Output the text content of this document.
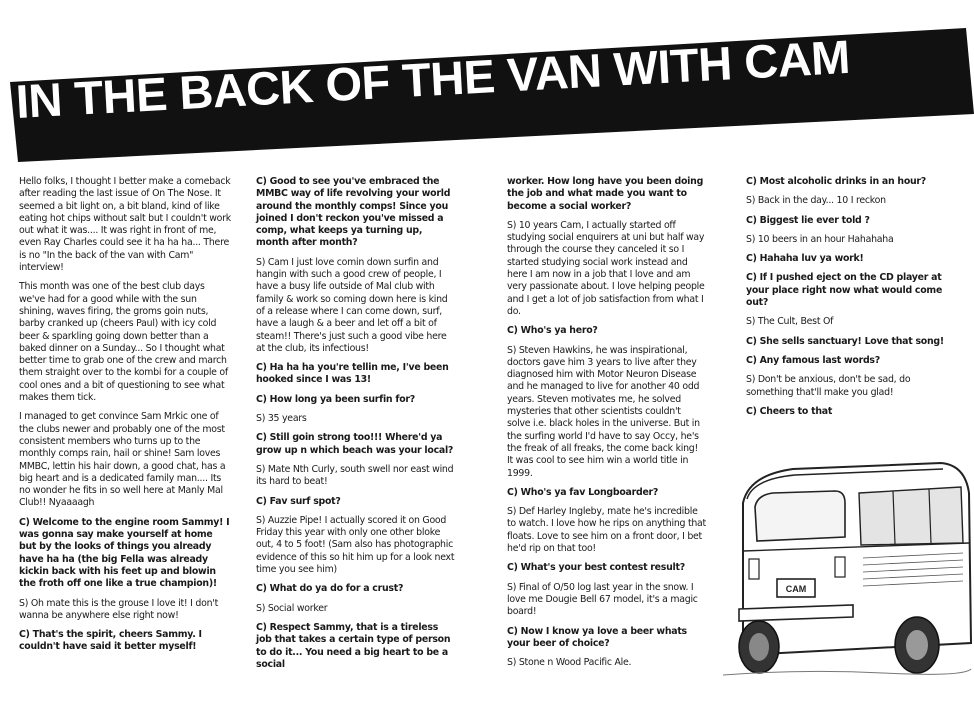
IN THE BACK OF THE VAN WITH CAM

Hello folks, I thought I better make a comeback after reading the last issue of On The Nose. It seemed a bit light on, a bit bland, kind of like eating hot chips without salt but I couldn't work out what it was.... It was right in front of me, even Ray Charles could see it ha ha ha... There is no "In the back of the van with Cam" interview!

This month was one of the best club days we've had for a good while with the sun shining, waves firing, the groms goin nuts, barby cranked up (cheers Paul) with icy cold beer & sparkling going down better than a baked dinner on a Sunday... So I thought what better time to grab one of the crew and march them straight over to the kombi for a couple of cool ones and a bit of questioning to see what makes them tick.

I managed to get convince Sam Mrkic one of the clubs newer and probably one of the most consistent members who turns up to the monthly comps rain, hail or shine! Sam loves MMBC, lettin his hair down, a good chat, has a big heart and is a dedicated family man.... Its no wonder he fits in so well here at Manly Mal Club!! Nyaaaagh

C) Welcome to the engine room Sammy! I was gonna say make yourself at home but by the looks of things you already have ha ha (the big Fella was already kickin back with his feet up and blowin the froth off one like a true champion)!

S) Oh mate this is the grouse I love it! I don't wanna be anywhere else right now!

C) That's the spirit, cheers Sammy. I couldn't have said it better myself!

C) Good to see you've embraced the MMBC way of life revolving your world around the monthly comps! Since you joined I don't reckon you've missed a comp, what keeps ya turning up, month after month?

S) Cam I just love comin down surfin and hangin with such a good crew of people, I have a busy life outside of Mal club with family & work so coming down here is kind of a release where I can come down, surf, have a laugh & a beer and let off a bit of steam!! There's just such a good vibe here at the club, its infectious!

C) Ha ha ha you're tellin me, I've been hooked since I was 13!

C) How long ya been surfin for?

S) 35 years

C) Still goin strong too!!! Where'd ya grow up n which beach was your local?

S) Mate Nth Curly, south swell nor east wind its hard to beat!

C) Fav surf spot?

S) Auzzie Pipe! I actually scored it on Good Friday this year with only one other bloke out, 4 to 5 foot! (Sam also has photographic evidence of this so hit him up for a look next time you see him)

C) What do ya do for a crust?

S) Social worker

C) Respect Sammy, that is a tireless job that takes a certain type of person to do it... You need a big heart to be a social

worker. How long have you been doing the job and what made you want to become a social worker?

S) 10 years Cam, I actually started off studying social enquirers at uni but half way through the course they canceled it so I started studying social work instead and here I am now in a job that I love and am very passionate about. I love helping people and I get a lot of job satisfaction from what I do.

C) Who's ya hero?

S) Steven Hawkins, he was inspirational, doctors gave him 3 years to live after they diagnosed him with Motor Neuron Disease and he managed to live for another 40 odd years. Steven motivates me, he solved mysteries that other scientists couldn't solve i.e. black holes in the universe. But in the surfing world I'd have to say Occy, he's the freak of all freaks, the come back king! It was cool to see him win a world title in 1999.

C) Who's ya fav Longboarder?

S) Def Harley Ingleby, mate he's incredible to watch. I love how he rips on anything that floats. Love to see him on a front door, I bet he'd rip on that too!

C) What's your best contest result?

S) Final of O/50 log last year in the snow. I love me Dougie Bell 67 model, it's a magic board!

C) Now I know ya love a beer whats your beer of choice?

S) Stone n Wood Pacific Ale.

C) Most alcoholic drinks in an hour?

S) Back in the day... 10 I reckon

C) Biggest lie ever told ?

S) 10 beers in an hour Hahahaha

C) Hahaha luv ya work!

C) If I pushed eject on the CD player at your place right now what would come out?

S) The Cult, Best Of

C) She sells sanctuary! Love that song!

C) Any famous last words?

S) Don't be anxious, don't be sad, do something that'll make you glad!

C) Cheers to that

CAM
